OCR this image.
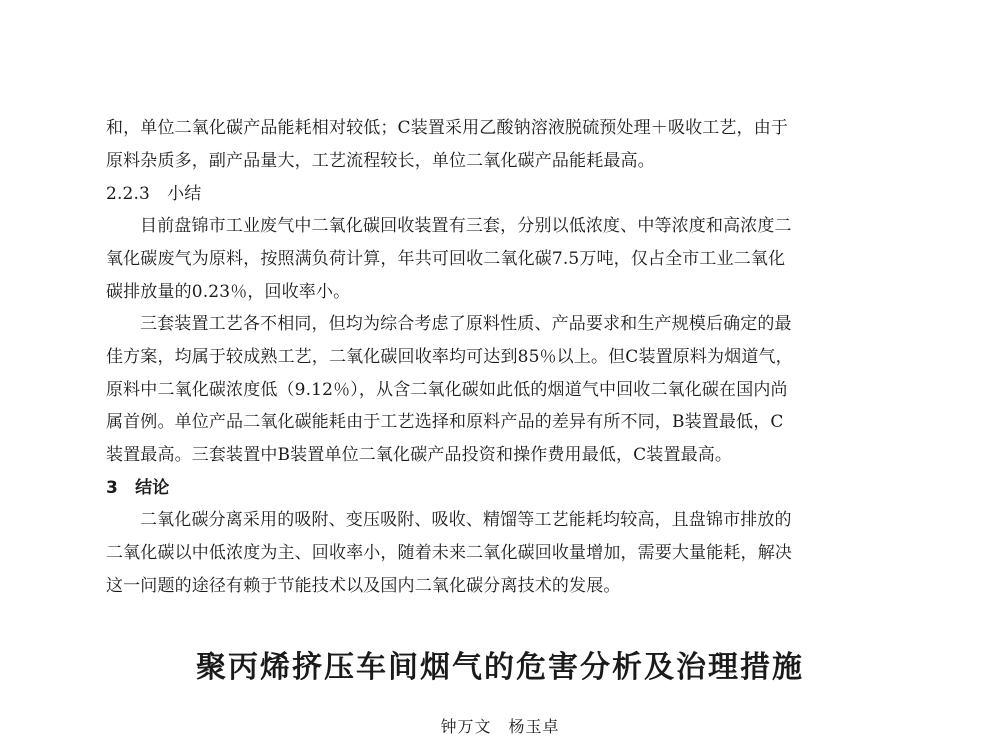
和，单位二氧化碳产品能耗相对较低；C装置采用乙酸钠溶液脱硫预处理＋吸收工艺，由于
原料杂质多，副产品量大，工艺流程较长，单位二氧化碳产品能耗最高。
2.2.3　小结
目前盘锦市工业废气中二氧化碳回收装置有三套，分别以低浓度、中等浓度和高浓度二
氧化碳废气为原料，按照满负荷计算，年共可回收二氧化碳7.5万吨，仅占全市工业二氧化
碳排放量的0.23％，回收率小。
三套装置工艺各不相同，但均为综合考虑了原料性质、产品要求和生产规模后确定的最
佳方案，均属于较成熟工艺，二氧化碳回收率均可达到85％以上。但C装置原料为烟道气，
原料中二氧化碳浓度低（9.12％），从含二氧化碳如此低的烟道气中回收二氧化碳在国内尚
属首例。单位产品二氧化碳能耗由于工艺选择和原料产品的差异有所不同，B装置最低，C
装置最高。三套装置中B装置单位二氧化碳产品投资和操作费用最低，C装置最高。
3　结论
二氧化碳分离采用的吸附、变压吸附、吸收、精馏等工艺能耗均较高，且盘锦市排放的
二氧化碳以中低浓度为主、回收率小，随着未来二氧化碳回收量增加，需要大量能耗，解决
这一问题的途径有赖于节能技术以及国内二氧化碳分离技术的发展。
聚丙烯挤压车间烟气的危害分析及治理措施
钟万文　杨玉卓
